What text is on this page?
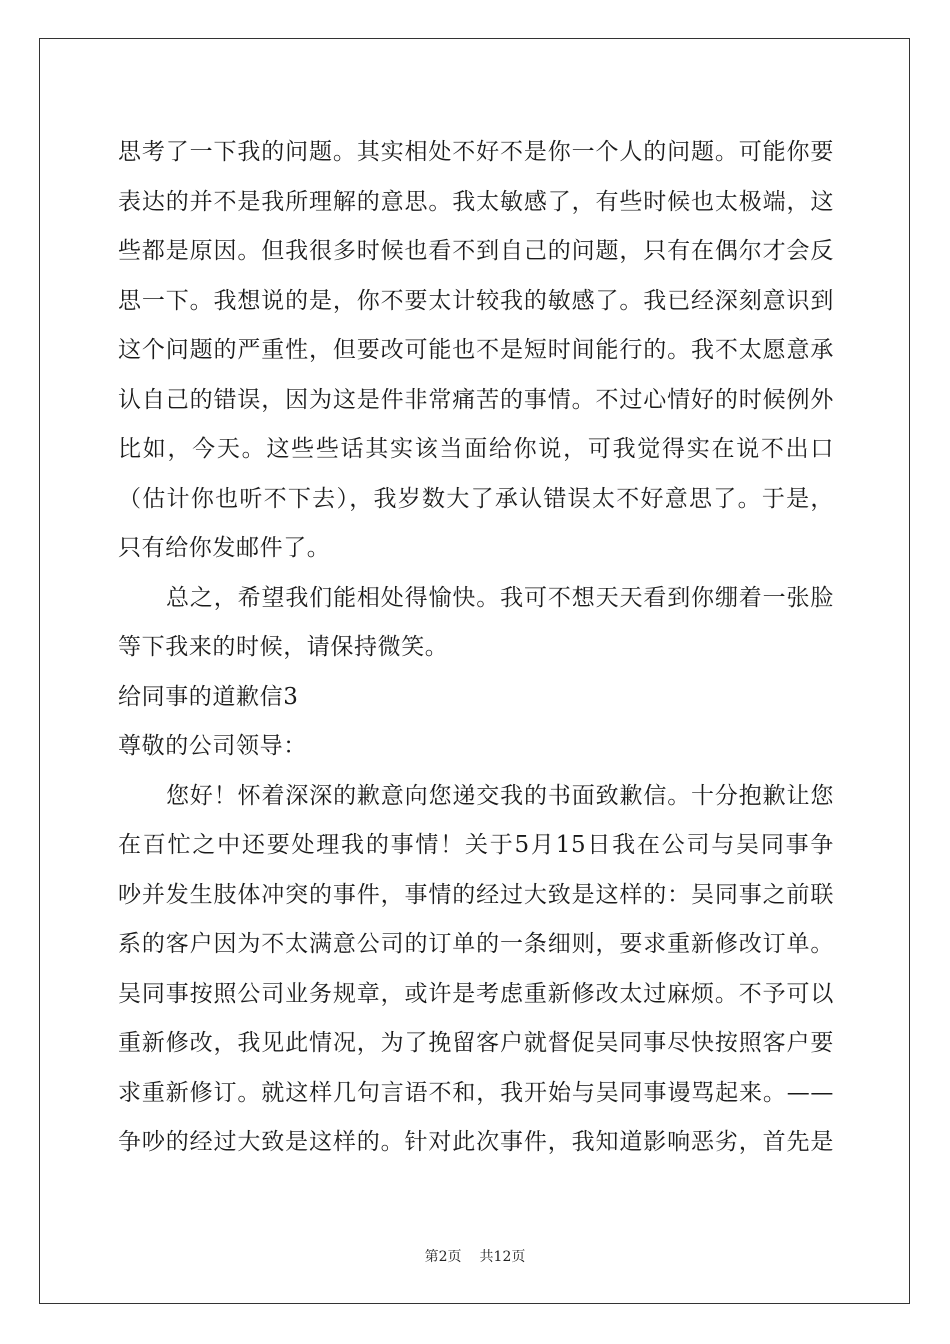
思考了一下我的问题。其实相处不好不是你一个人的问题。可能你要
表达的并不是我所理解的意思。我太敏感了，有些时候也太极端，这
些都是原因。但我很多时候也看不到自己的问题，只有在偶尔才会反
思一下。我想说的是，你不要太计较我的敏感了。我已经深刻意识到
这个问题的严重性，但要改可能也不是短时间能行的。我不太愿意承
认自己的错误，因为这是件非常痛苦的事情。不过心情好的时候例外
比如，今天。这些些话其实该当面给你说，可我觉得实在说不出口
（估计你也听不下去），我岁数大了承认错误太不好意思了。于是，
只有给你发邮件了。
总之，希望我们能相处得愉快。我可不想天天看到你绷着一张脸
等下我来的时候，请保持微笑。
给同事的道歉信3
尊敬的公司领导：
您好！怀着深深的歉意向您递交我的书面致歉信。十分抱歉让您
在百忙之中还要处理我的事情！关于5月15日我在公司与吴同事争
吵并发生肢体冲突的事件，事情的经过大致是这样的：吴同事之前联
系的客户因为不太满意公司的订单的一条细则，要求重新修改订单。
吴同事按照公司业务规章，或许是考虑重新修改太过麻烦。不予可以
重新修改，我见此情况，为了挽留客户就督促吴同事尽快按照客户要
求重新修订。就这样几句言语不和，我开始与吴同事谩骂起来。——
争吵的经过大致是这样的。针对此次事件，我知道影响恶劣，首先是
第2页 共12页
